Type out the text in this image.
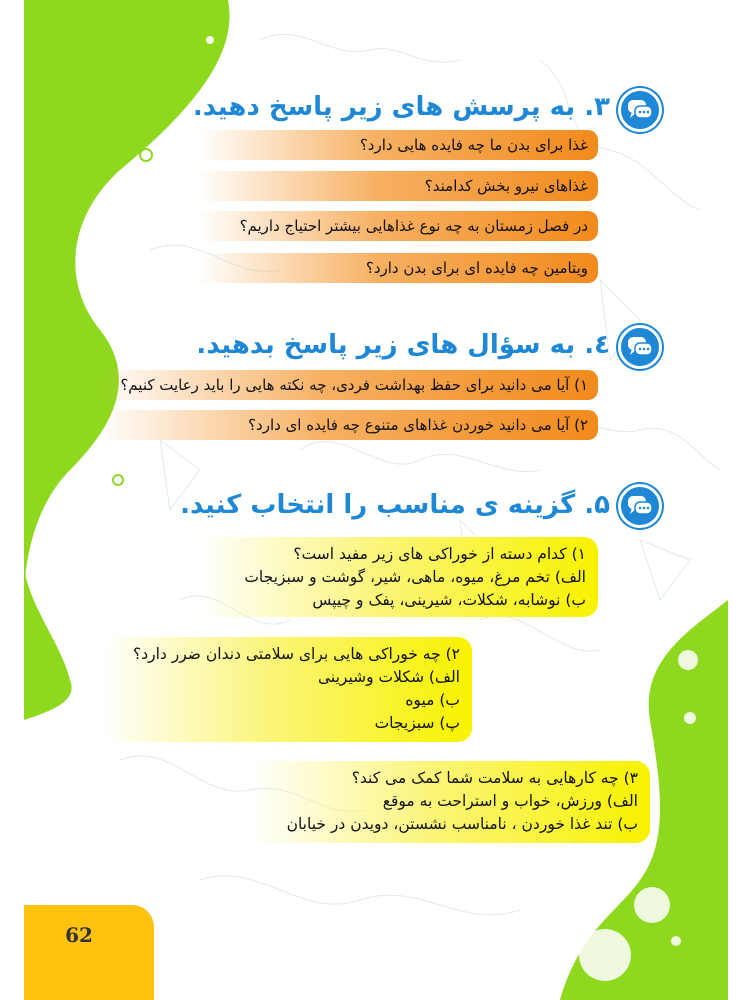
۳. به پرسش های زیر پاسخ دهید.
غذا برای بدن ما چه فایده هایی دارد؟
غذاهای نیرو بخش کدامند؟
در فصل زمستان به چه نوع غذاهایی بیشتر احتیاج داریم؟
ویتامین چه فایده ای برای بدن دارد؟
٤. به سؤال های زیر پاسخ بدهید.
۱) آیا می دانید برای حفظ بهداشت فردی، چه نکته هایی را باید رعایت کنیم؟
۲) آیا می دانید خوردن غذاهای متنوع چه فایده ای دارد؟
۵. گزینه ی مناسب را انتخاب کنید.
۱) کدام دسته از خوراکی های زیر مفید است؟
الف) تخم مرغ، میوه، ماهی، شیر، گوشت و سبزیجات
ب) نوشابه، شکلات، شیرینی، پفک و چیپس
۲) چه خوراکی هایی برای سلامتی دندان ضرر دارد؟
الف) شکلات وشیرینی
ب) میوه
پ) سبزیجات
۳) چه کارهایی به سلامت شما کمک می کند؟
الف) ورزش، خواب و استراحت به موقع
ب) تند غذا خوردن ، نامناسب نشستن، دویدن در خیابان
62
